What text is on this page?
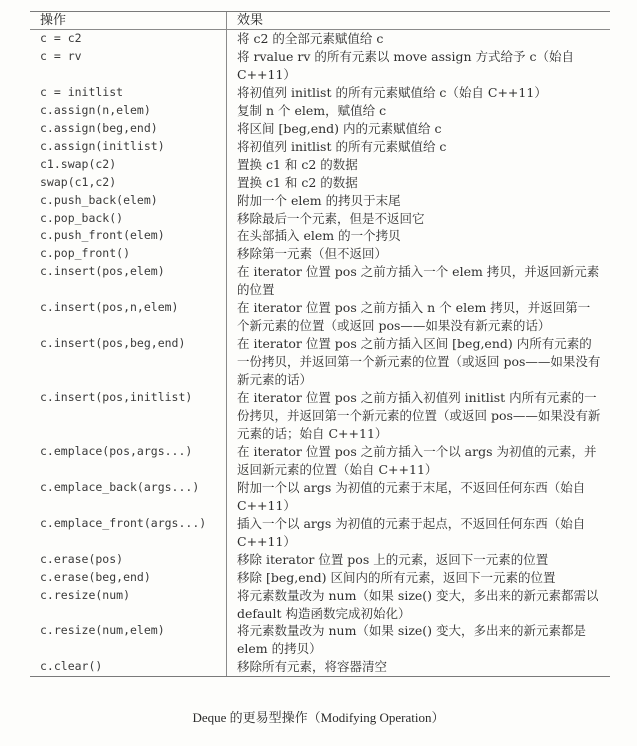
操作	效果
c = c2	将 c2 的全部元素赋值给 c
c = rv	将 rvalue rv 的所有元素以 move assign 方式给予 c（始自 C++11）
c = initlist	将初值列 initlist 的所有元素赋值给 c（始自 C++11）
c.assign(n,elem)	复制 n 个 elem，赋值给 c
c.assign(beg,end)	将区间 [beg,end) 内的元素赋值给 c
c.assign(initlist)	将初值列 initlist 的所有元素赋值给 c
c1.swap(c2)	置换 c1 和 c2 的数据
swap(c1,c2)	置换 c1 和 c2 的数据
c.push_back(elem)	附加一个 elem 的拷贝于末尾
c.pop_back()	移除最后一个元素，但是不返回它
c.push_front(elem)	在头部插入 elem 的一个拷贝
c.pop_front()	移除第一元素（但不返回）
c.insert(pos,elem)	在 iterator 位置 pos 之前方插入一个 elem 拷贝，并返回新元素的位置
c.insert(pos,n,elem)	在 iterator 位置 pos 之前方插入 n 个 elem 拷贝，并返回第一个新元素的位置（或返回 pos——如果没有新元素的话）
c.insert(pos,beg,end)	在 iterator 位置 pos 之前方插入区间 [beg,end) 内所有元素的一份拷贝，并返回第一个新元素的位置（或返回 pos——如果没有新元素的话）
c.insert(pos,initlist)	在 iterator 位置 pos 之前方插入初值列 initlist 内所有元素的一份拷贝，并返回第一个新元素的位置（或返回 pos——如果没有新元素的话；始自 C++11）
c.emplace(pos,args...)	在 iterator 位置 pos 之前方插入一个以 args 为初值的元素，并返回新元素的位置（始自 C++11）
c.emplace_back(args...)	附加一个以 args 为初值的元素于末尾，不返回任何东西（始自 C++11）
c.emplace_front(args...)	插入一个以 args 为初值的元素于起点，不返回任何东西（始自 C++11）
c.erase(pos)	移除 iterator 位置 pos 上的元素，返回下一元素的位置
c.erase(beg,end)	移除 [beg,end) 区间内的所有元素，返回下一元素的位置
c.resize(num)	将元素数量改为 num（如果 size() 变大，多出来的新元素都需以 default 构造函数完成初始化）
c.resize(num,elem)	将元素数量改为 num（如果 size() 变大，多出来的新元素都是 elem 的拷贝）
c.clear()	移除所有元素，将容器清空
Deque 的更易型操作（Modifying Operation）
